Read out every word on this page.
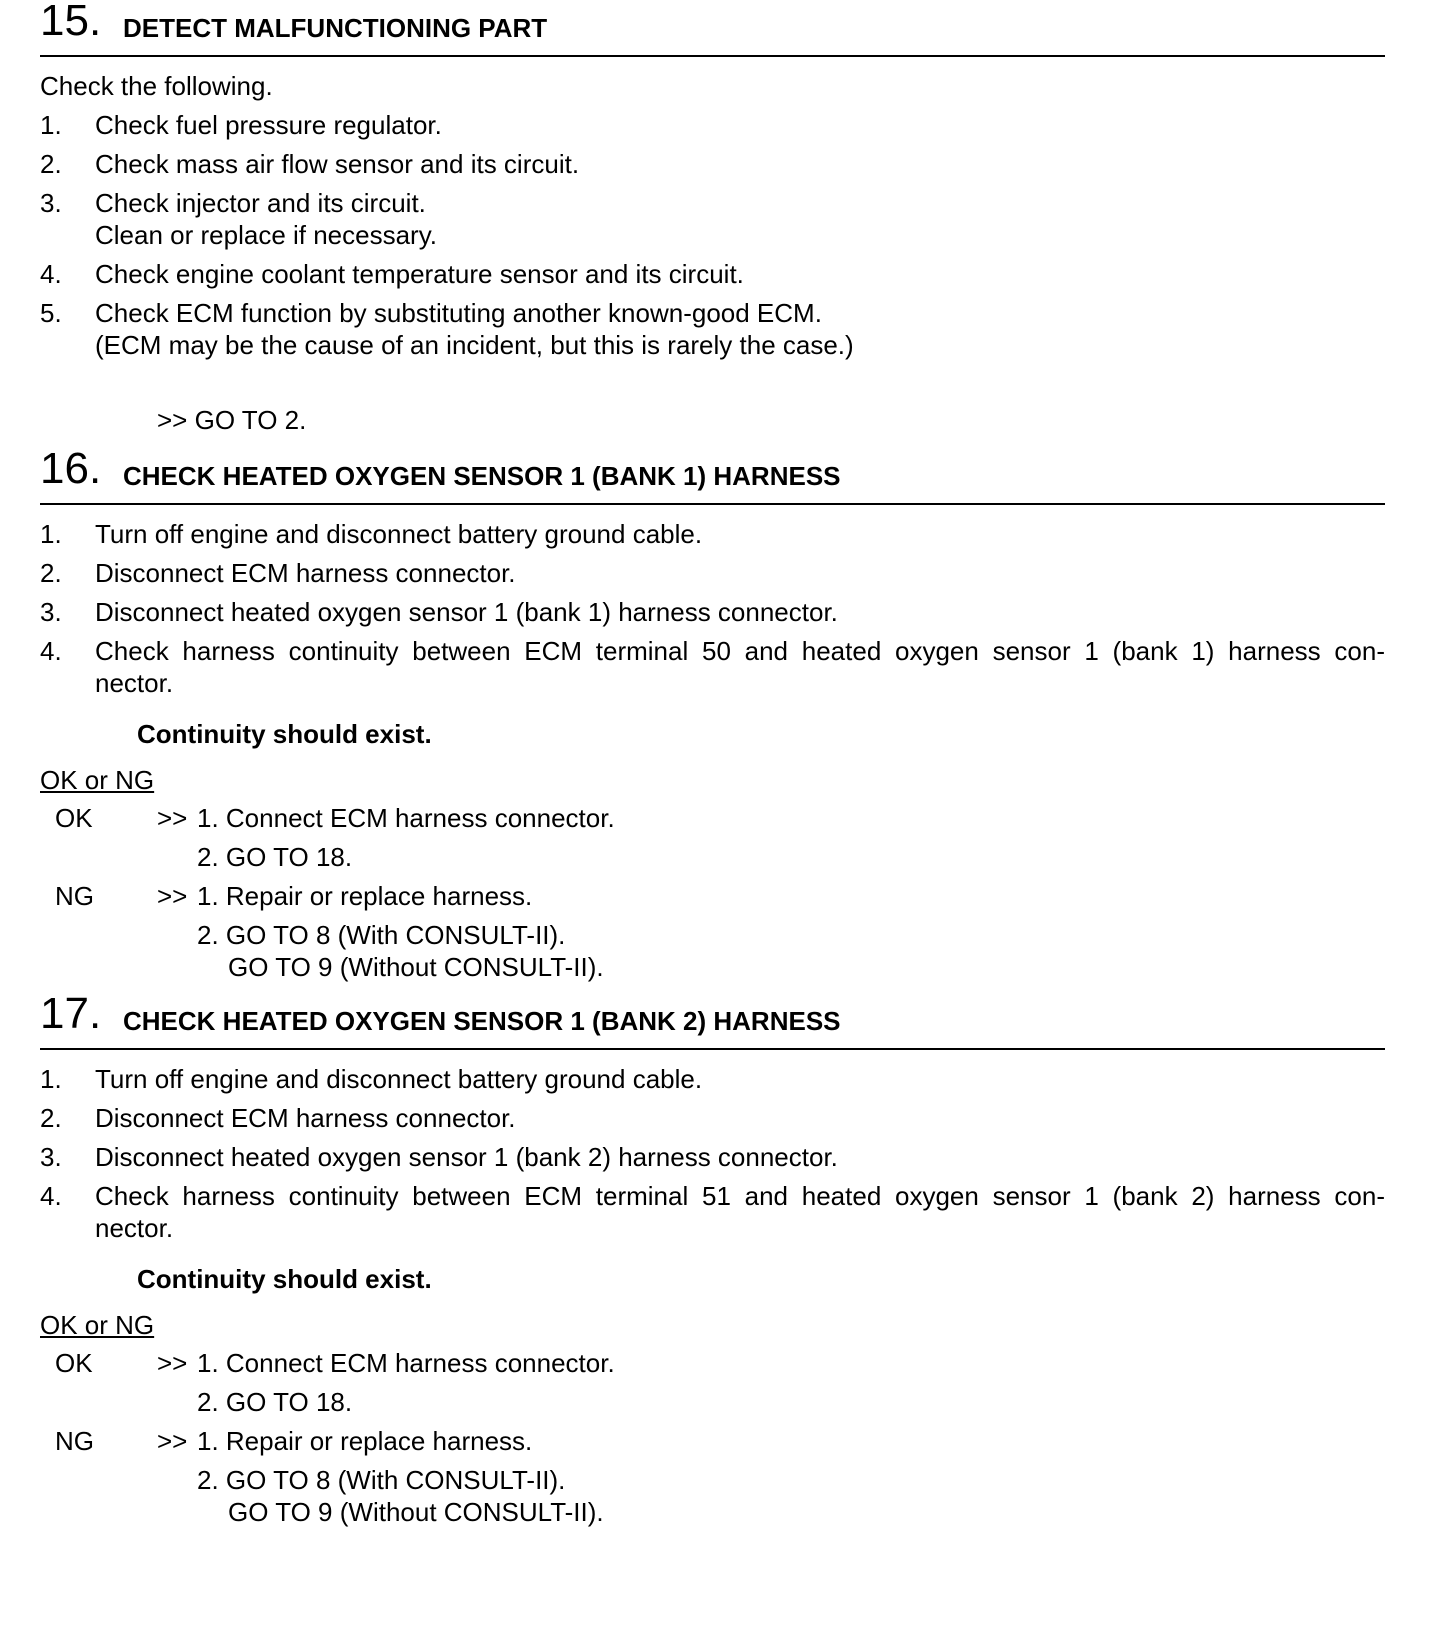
15. DETECT MALFUNCTIONING PART
Check the following.
1. Check fuel pressure regulator.
2. Check mass air flow sensor and its circuit.
3. Check injector and its circuit.
Clean or replace if necessary.
4. Check engine coolant temperature sensor and its circuit.
5. Check ECM function by substituting another known-good ECM.
(ECM may be the cause of an incident, but this is rarely the case.)
>> GO TO 2.
16. CHECK HEATED OXYGEN SENSOR 1 (BANK 1) HARNESS
1. Turn off engine and disconnect battery ground cable.
2. Disconnect ECM harness connector.
3. Disconnect heated oxygen sensor 1 (bank 1) harness connector.
4. Check harness continuity between ECM terminal 50 and heated oxygen sensor 1 (bank 1) harness con-
nector.
Continuity should exist.
OK or NG
OK >> 1. Connect ECM harness connector.
2. GO TO 18.
NG >> 1. Repair or replace harness.
2. GO TO 8 (With CONSULT-II).
GO TO 9 (Without CONSULT-II).
17. CHECK HEATED OXYGEN SENSOR 1 (BANK 2) HARNESS
1. Turn off engine and disconnect battery ground cable.
2. Disconnect ECM harness connector.
3. Disconnect heated oxygen sensor 1 (bank 2) harness connector.
4. Check harness continuity between ECM terminal 51 and heated oxygen sensor 1 (bank 2) harness con-
nector.
Continuity should exist.
OK or NG
OK >> 1. Connect ECM harness connector.
2. GO TO 18.
NG >> 1. Repair or replace harness.
2. GO TO 8 (With CONSULT-II).
GO TO 9 (Without CONSULT-II).
